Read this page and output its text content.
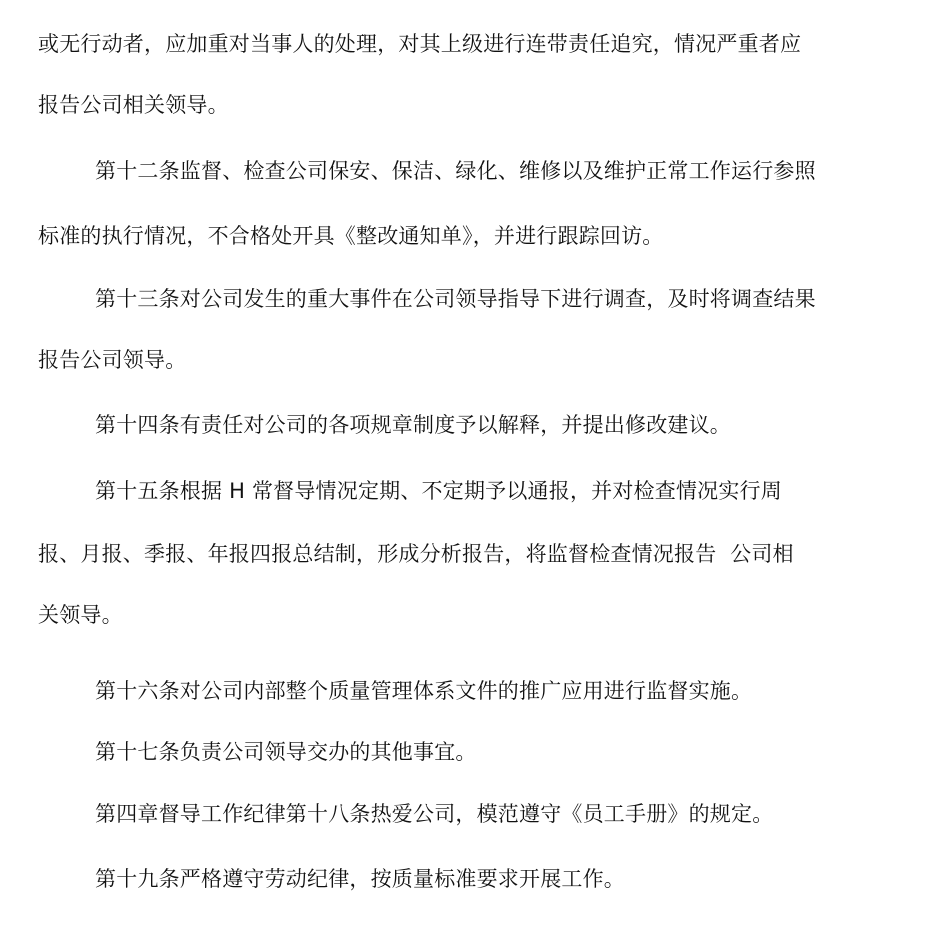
或无行动者，应加重对当事人的处理，对其上级进行连带责任追究，情况严重者应
报告公司相关领导。
第十二条监督、检查公司保安、保洁、绿化、维修以及维护正常工作运行参照
标准的执行情况，不合格处开具《整改通知单》，并进行跟踪回访。
第十三条对公司发生的重大事件在公司领导指导下进行调查，及时将调查结果
报告公司领导。
第十四条有责任对公司的各项规章制度予以解释，并提出修改建议。
第十五条根据 H 常督导情况定期、不定期予以通报，并对检查情况实行周
报、月报、季报、年报四报总结制，形成分析报告，将监督检查情况报告  公司相
关领导。
第十六条对公司内部整个质量管理体系文件的推广应用进行监督实施。
第十七条负责公司领导交办的其他事宜。
第四章督导工作纪律第十八条热爱公司，模范遵守《员工手册》的规定。
第十九条严格遵守劳动纪律，按质量标准要求开展工作。
